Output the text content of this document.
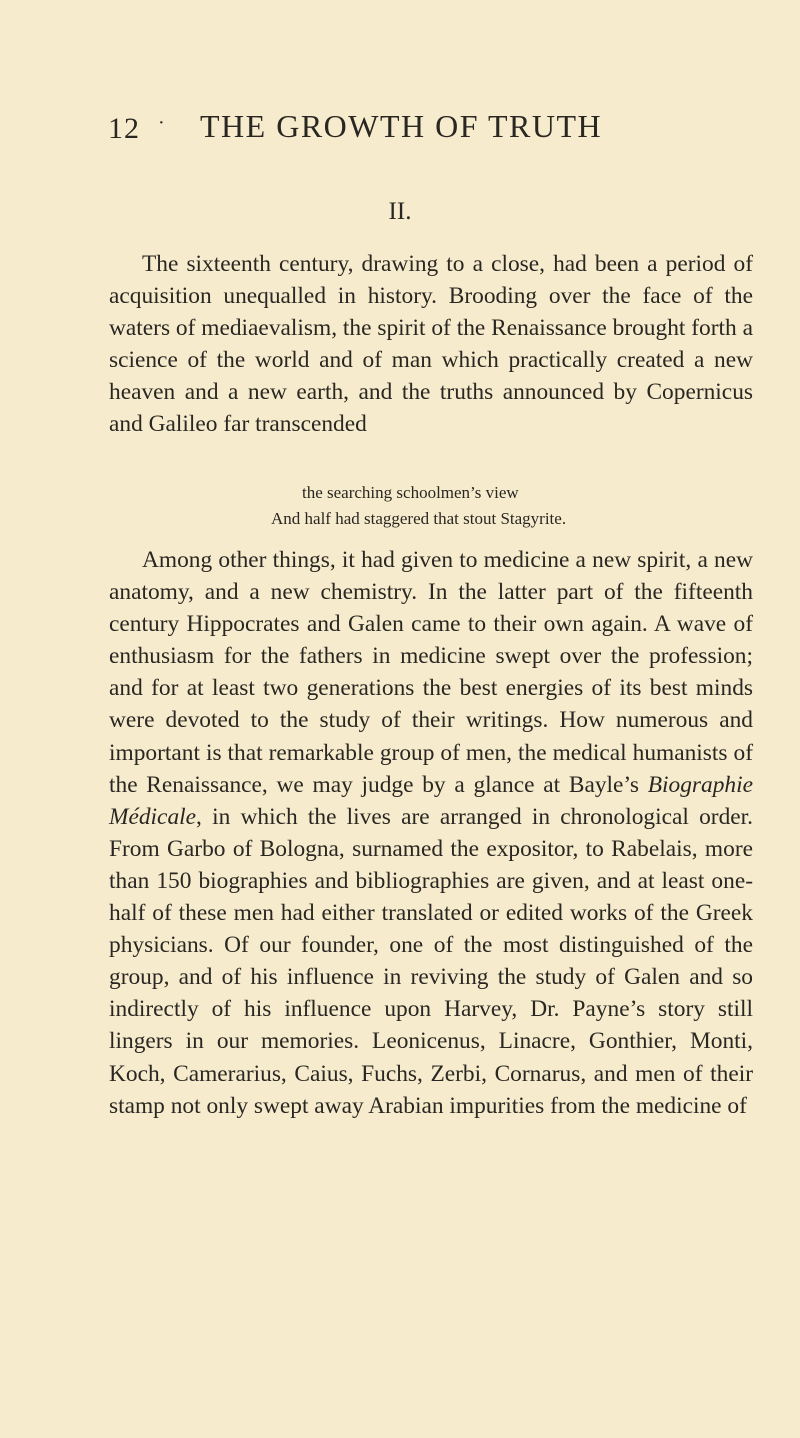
12 · THE GROWTH OF TRUTH
II.

The sixteenth century, drawing to a close, had been a period of acquisition unequalled in history. Brooding over the face of the waters of mediaevalism, the spirit of the Renaissance brought forth a science of the world and of man which practically created a new heaven and a new earth, and the truths announced by Copernicus and Galileo far transcended

the searching schoolmen’s view
And half had staggered that stout Stagyrite.

Among other things, it had given to medicine a new spirit, a new anatomy, and a new chemistry. In the latter part of the fifteenth century Hippocrates and Galen came to their own again. A wave of enthusiasm for the fathers in medicine swept over the profession; and for at least two generations the best energies of its best minds were devoted to the study of their writings. How numerous and important is that remarkable group of men, the medical humanists of the Renaissance, we may judge by a glance at Bayle’s Biographie Médicale, in which the lives are arranged in chronological order. From Garbo of Bologna, surnamed the expositor, to Rabelais, more than 150 biographies and bibliographies are given, and at least one-half of these men had either translated or edited works of the Greek physicians. Of our founder, one of the most distinguished of the group, and of his influence in reviving the study of Galen and so indirectly of his influence upon Harvey, Dr. Payne’s story still lingers in our memories. Leonicenus, Linacre, Gonthier, Monti, Koch, Camerarius, Caius, Fuchs, Zerbi, Cornarus, and men of their stamp not only swept away Arabian impurities from the medicine of
